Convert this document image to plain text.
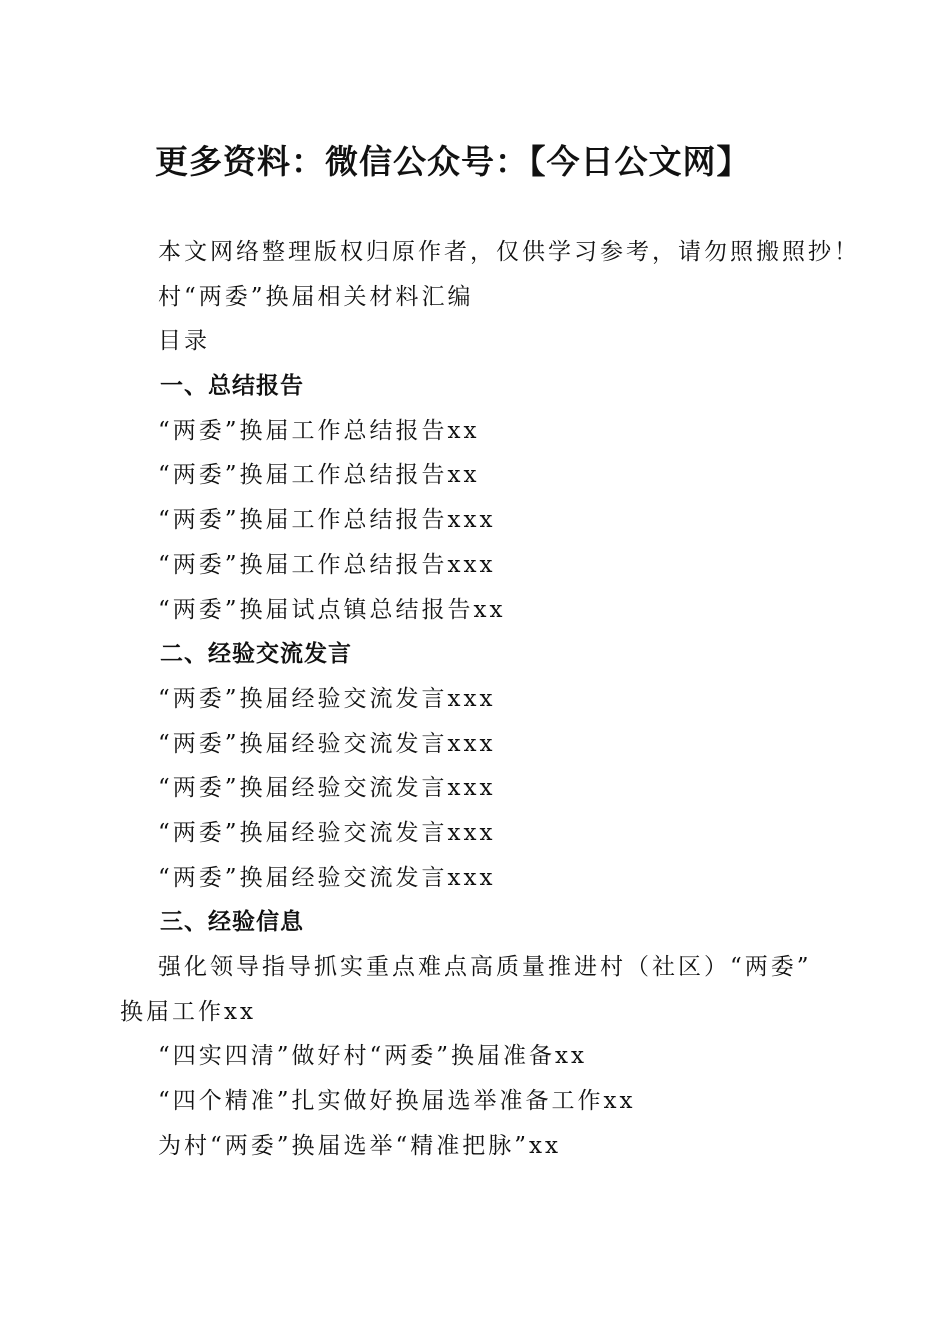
更多资料：微信公众号：【今日公文网】
本文网络整理版权归原作者，仅供学习参考，请勿照搬照抄！
村“两委”换届相关材料汇编
目录
一、总结报告
“两委”换届工作总结报告xx
“两委”换届工作总结报告xx
“两委”换届工作总结报告xxx
“两委”换届工作总结报告xxx
“两委”换届试点镇总结报告xx
二、经验交流发言
“两委”换届经验交流发言xxx
“两委”换届经验交流发言xxx
“两委”换届经验交流发言xxx
“两委”换届经验交流发言xxx
“两委”换届经验交流发言xxx
三、经验信息
强化领导指导抓实重点难点高质量推进村（社区）“两委”
换届工作xx
“四实四清”做好村“两委”换届准备xx
“四个精准”扎实做好换届选举准备工作xx
为村“两委”换届选举“精准把脉”xx
